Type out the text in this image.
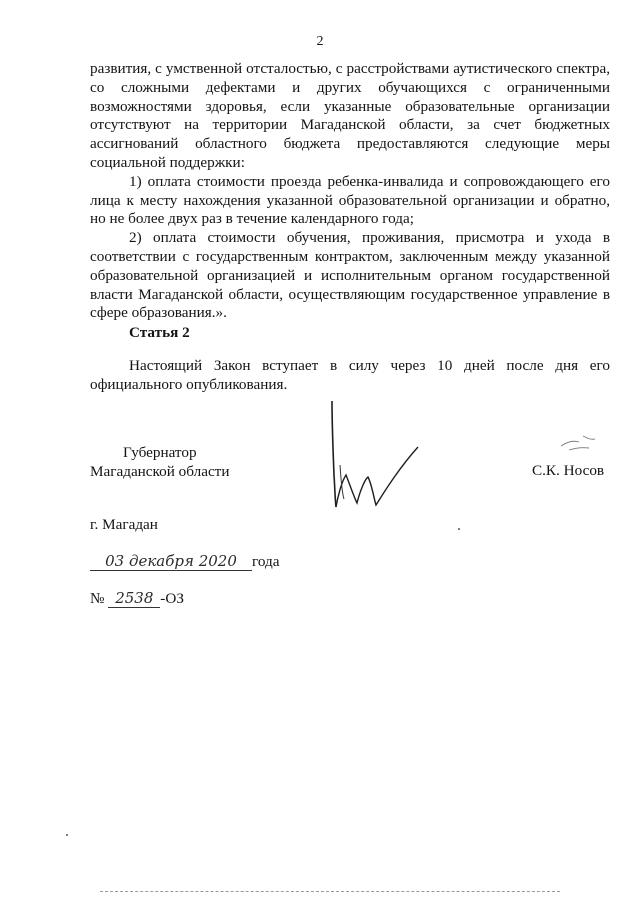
2

развития, с умственной отсталостью, с расстройствами аутистического спектра, со сложными дефектами и других обучающихся с ограниченными возможностями здоровья, если указанные образовательные организации отсутствуют на территории Магаданской области, за счет бюджетных ассигнований областного бюджета предоставляются следующие меры социальной поддержки:

1) оплата стоимости проезда ребенка-инвалида и сопровождающего его лица к месту нахождения указанной образовательной организации и обратно, но не более двух раз в течение календарного года;

2) оплата стоимости обучения, проживания, присмотра и ухода в соответствии с государственным контрактом, заключенным между указанной образовательной организацией и исполнительным органом государственной власти Магаданской области, осуществляющим государственное управление в сфере образования.».

Статья 2

Настоящий Закон вступает в силу через 10 дней после дня его официального опубликования.

Губернатор
Магаданской области	С.К. Носов
г. Магадан
03 декабря 2020 года
№ 2538 -ОЗ
